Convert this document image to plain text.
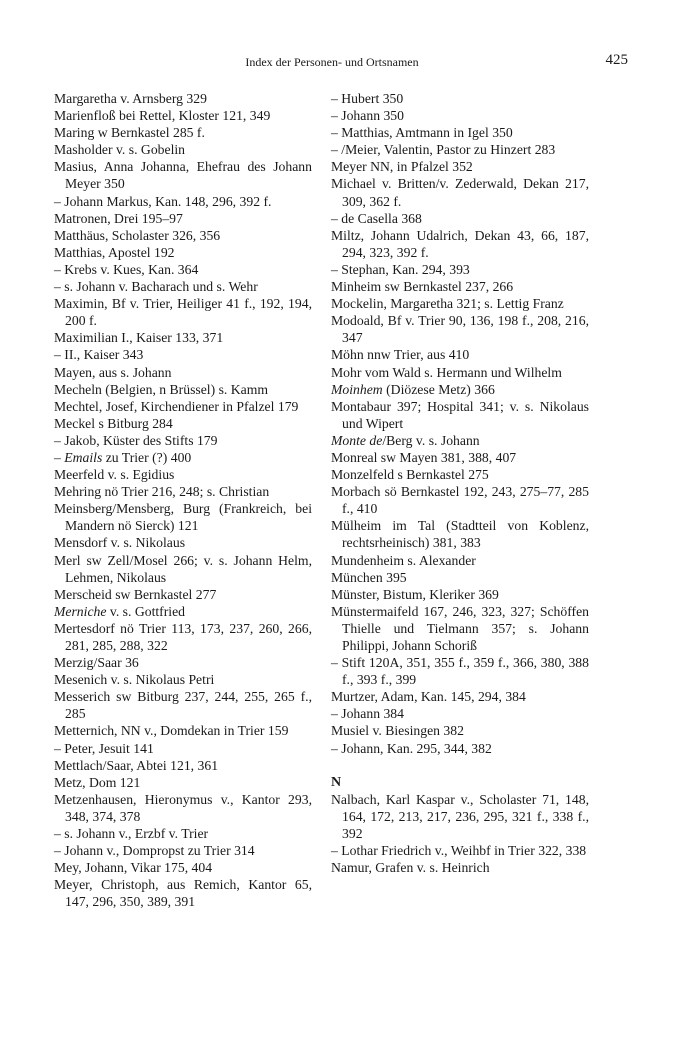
Index der Personen- und Ortsnamen	425
Margaretha v. Arnsberg 329
Marienfloß bei Rettel, Kloster 121, 349
Maring w Bernkastel 285 f.
Masholder v. s. Gobelin
Masius, Anna Johanna, Ehefrau des Johann Meyer 350
– Johann Markus, Kan. 148, 296, 392 f.
Matronen, Drei 195–97
Matthäus, Scholaster 326, 356
Matthias, Apostel 192
– Krebs v. Kues, Kan. 364
– s. Johann v. Bacharach und s. Wehr
Maximin, Bf v. Trier, Heiliger 41 f., 192, 194, 200 f.
Maximilian I., Kaiser 133, 371
– II., Kaiser 343
Mayen, aus s. Johann
Mecheln (Belgien, n Brüssel) s. Kamm
Mechtel, Josef, Kirchendiener in Pfalzel 179
Meckel s Bitburg 284
– Jakob, Küster des Stifts 179
– Emails zu Trier (?) 400
Meerfeld v. s. Egidius
Mehring nö Trier 216, 248; s. Christian
Meinsberg/Mensberg, Burg (Frankreich, bei Mandern nö Sierck) 121
Mensdorf v. s. Nikolaus
Merl sw Zell/Mosel 266; v. s. Johann Helm, Lehmen, Nikolaus
Merscheid sw Bernkastel 277
Merniche v. s. Gottfried
Mertesdorf nö Trier 113, 173, 237, 260, 266, 281, 285, 288, 322
Merzig/Saar 36
Mesenich v. s. Nikolaus Petri
Messerich sw Bitburg 237, 244, 255, 265 f., 285
Metternich, NN v., Domdekan in Trier 159
– Peter, Jesuit 141
Mettlach/Saar, Abtei 121, 361
Metz, Dom 121
Metzenhausen, Hieronymus v., Kantor 293, 348, 374, 378
– s. Johann v., Erzbf v. Trier
– Johann v., Dompropst zu Trier 314
Mey, Johann, Vikar 175, 404
Meyer, Christoph, aus Remich, Kantor 65, 147, 296, 350, 389, 391
– Hubert 350
– Johann 350
– Matthias, Amtmann in Igel 350
– /Meier, Valentin, Pastor zu Hinzert 283
Meyer NN, in Pfalzel 352
Michael v. Britten/v. Zederwald, Dekan 217, 309, 362 f.
– de Casella 368
Miltz, Johann Udalrich, Dekan 43, 66, 187, 294, 323, 392 f.
– Stephan, Kan. 294, 393
Minheim sw Bernkastel 237, 266
Mockelin, Margaretha 321; s. Lettig Franz
Modoald, Bf v. Trier 90, 136, 198 f., 208, 216, 347
Möhn nnw Trier, aus 410
Mohr vom Wald s. Hermann und Wilhelm
Moinhem (Diözese Metz) 366
Montabaur 397; Hospital 341; v. s. Nikolaus und Wipert
Monte de/Berg v. s. Johann
Monreal sw Mayen 381, 388, 407
Monzelfeld s Bernkastel 275
Morbach sö Bernkastel 192, 243, 275–77, 285 f., 410
Mülheim im Tal (Stadtteil von Koblenz, rechtsrheinisch) 381, 383
Mundenheim s. Alexander
München 395
Münster, Bistum, Kleriker 369
Münstermaifeld 167, 246, 323, 327; Schöffen Thielle und Tielmann 357; s. Johann Philippi, Johann Schoriß
– Stift 120A, 351, 355 f., 359 f., 366, 380, 388 f., 393 f., 399
Murtzer, Adam, Kan. 145, 294, 384
– Johann 384
Musiel v. Biesingen 382
– Johann, Kan. 295, 344, 382
N
Nalbach, Karl Kaspar v., Scholaster 71, 148, 164, 172, 213, 217, 236, 295, 321 f., 338 f., 392
– Lothar Friedrich v., Weihbf in Trier 322, 338
Namur, Grafen v. s. Heinrich
